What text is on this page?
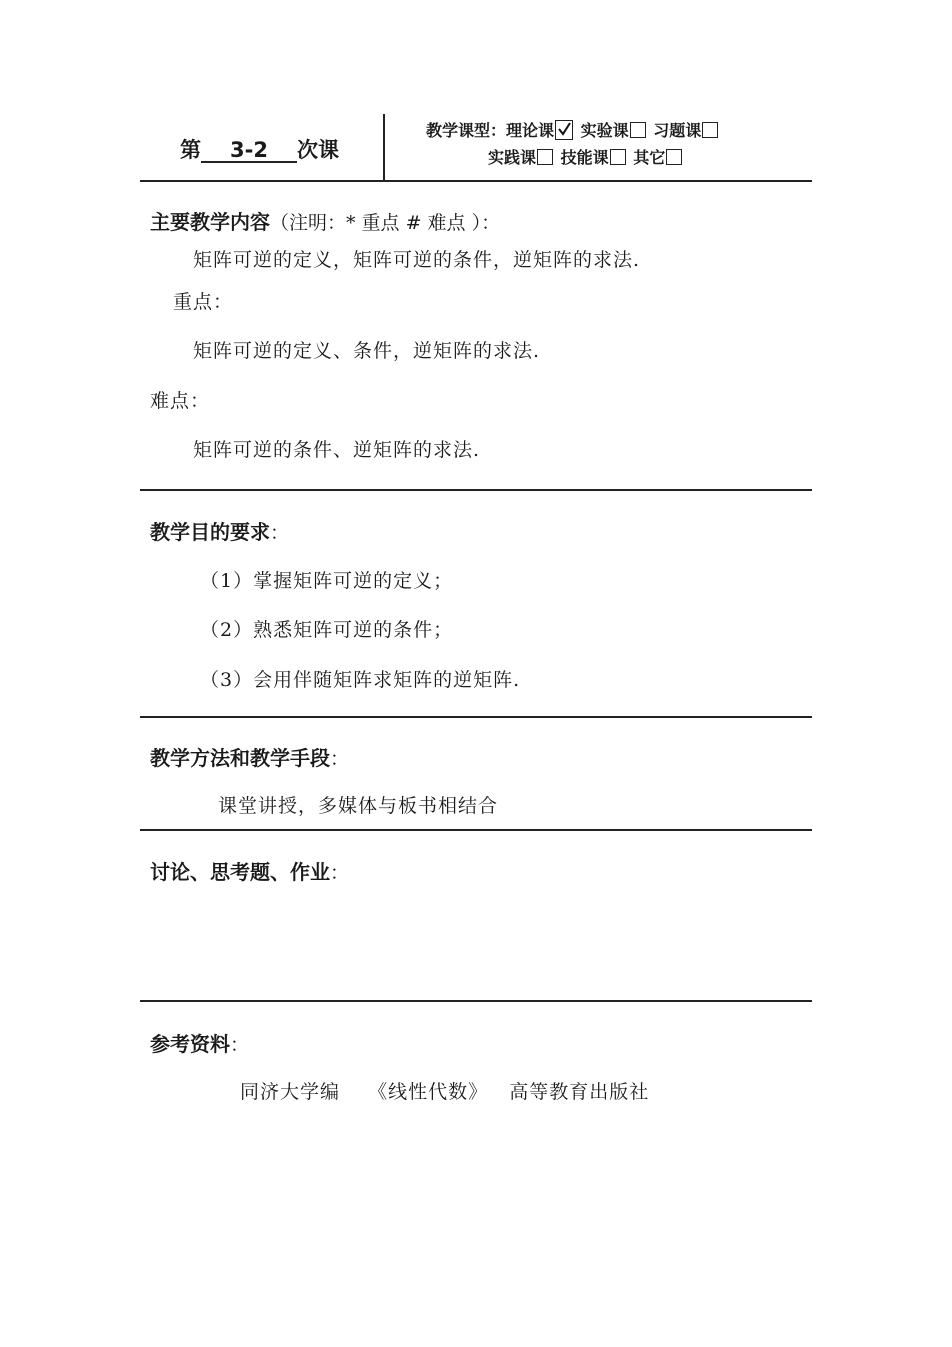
第 3-2 次课
教学课型：理论课 实验课 习题课
实践课 技能课 其它
主要教学内容（注明：* 重点 # 难点 ）：
矩阵可逆的定义，矩阵可逆的条件，逆矩阵的求法.
重点：
矩阵可逆的定义、条件，逆矩阵的求法.
难点：
矩阵可逆的条件、逆矩阵的求法.
教学目的要求：
（1）掌握矩阵可逆的定义；
（2）熟悉矩阵可逆的条件；
（3）会用伴随矩阵求矩阵的逆矩阵.
教学方法和教学手段：
课堂讲授，多媒体与板书相结合
讨论、思考题、作业：
参考资料：
同济大学编    《线性代数》   高等教育出版社
